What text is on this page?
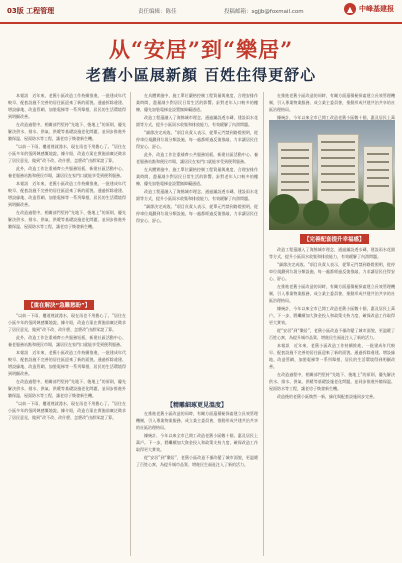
03版 工程管理	责任编辑：陈佳	投稿邮箱：sgjjb@foxmail.com	▲ 中峰基建报
从“安居”到“樂居”
老舊小區展新顏 百姓住得更舒心

本報訊　近年來，老舊小區改造工作持續推進，一批建成年代較早、配套設施不完善的居住區迎來了新的面貌。通過拆除違建、增設綠地、改造管網、加裝電梯等一系列舉措，居民的生活環境得到明顯改善。

在改造過程中，相關部門堅持“先地下、後地上”的原則，優先解決供水、排水、供氣、供暖等基礎設施老化問題，並同步推進外牆保溫、屋面防水等工程，讓老房子煥發新生機。

“以前一下雨，樓道裡就滲水，現在再也不用擔心了。”居住在小區多年的張阿姨感慨地說。據介紹，改造方案在實施前廣泛徵求了居民意見，做到“改不改、改什麼、怎麼改”由群眾說了算。

此外，改造工作注重補齊公共服務短板，新建社區活動中心、養老服務站點和便民市場，讓居民在家門口就能享受到便利服務。

本報訊　近年來，老舊小區改造工作持續推進，一批建成年代較早、配套設施不完善的居住區迎來了新的面貌。通過拆除違建、增設綠地、改造管網、加裝電梯等一系列舉措，居民的生活環境得到明顯改善。

在改造過程中，相關部門堅持“先地下、後地上”的原則，優先解決供水、排水、供氣、供暖等基礎設施老化問題，並同步推進外牆保溫、屋面防水等工程，讓老房子煥發新生機。

【重在解決“急難愁盼”】

“以前一下雨，樓道裡就滲水，現在再也不用擔心了。”居住在小區多年的張阿姨感慨地說。據介紹，改造方案在實施前廣泛徵求了居民意見，做到“改不改、改什麼、怎麼改”由群眾說了算。

此外，改造工作注重補齊公共服務短板，新建社區活動中心、養老服務站點和便民市場，讓居民在家門口就能享受到便利服務。

本報訊　近年來，老舊小區改造工作持續推進，一批建成年代較早、配套設施不完善的居住區迎來了新的面貌。通過拆除違建、增設綠地、改造管網、加裝電梯等一系列舉措，居民的生活環境得到明顯改善。

在改造過程中，相關部門堅持“先地下、後地上”的原則，優先解決供水、排水、供氣、供暖等基礎設施老化問題，並同步推進外牆保溫、屋面防水等工程，讓老房子煥發新生機。

“以前一下雨，樓道裡就滲水，現在再也不用擔心了。”居住在小區多年的張阿姨感慨地說。據介紹，改造方案在實施前廣泛徵求了居民意見，做到“改不改、改什麼、怎麼改”由群眾說了算。

在具體實施中，施工單位嚴格控制工程質量與進度，合理安排作業時間，盡量減少對居民日常生活的影響。針對老年人口較多的樓棟，優先加裝電梯並設置無障礙通道。

改造工程還融入了海綿城市理念，通過鋪設透水磚、建設雨水花園等方式，提升小區雨水收集和排放能力，有效緩解了內澇問題。

“細節決定成敗。”項目負責人表示，從單元門禁到路燈照明，從停車位規劃到垃圾分類設施，每一處都經過反復推敲，力求讓居民住得安心、舒心。

此外，改造工作注重補齊公共服務短板，新建社區活動中心、養老服務站點和便民市場，讓居民在家門口就能享受到便利服務。

在具體實施中，施工單位嚴格控制工程質量與進度，合理安排作業時間，盡量減少對居民日常生活的影響。針對老年人口較多的樓棟，優先加裝電梯並設置無障礙通道。

改造工程還融入了海綿城市理念，通過鋪設透水磚、建設雨水花園等方式，提升小區雨水收集和排放能力，有效緩解了內澇問題。

“細節決定成敗。”項目負責人表示，從單元門禁到路燈照明，從停車位規劃到垃圾分類設施，每一處都經過反復推敲，力求讓居民住得安心、舒心。

【精雕細琢更見溫度】

在推進老舊小區改造的同時，有關方面還積極探索建立長效管理機制，引入專業物業服務，成立業主委員會，推動形成共建共治共享的社區治理格局。

據統計，今年以來全市已開工改造老舊小區數十個，惠及居民上萬戶。下一步，將繼續加大資金投入和政策支持力度，確保改造工作取得更大實效。

從“安居”到“樂居”，老舊小區改造不僅改變了城市面貌，更溫暖了百姓心窩，為提升城市品質、增進民生福祉注入了新的活力。

在推進老舊小區改造的同時，有關方面還積極探索建立長效管理機制，引入專業物業服務，成立業主委員會，推動形成共建共治共享的社區治理格局。

據統計，今年以來全市已開工改造老舊小區數十個，惠及居民上萬

【完善配套提升幸福感】

改造工程還融入了海綿城市理念，通過鋪設透水磚、建設雨水花園等方式，提升小區雨水收集和排放能力，有效緩解了內澇問題。

“細節決定成敗。”項目負責人表示，從單元門禁到路燈照明，從停車位規劃到垃圾分類設施，每一處都經過反復推敲，力求讓居民住得安心、舒心。

在推進老舊小區改造的同時，有關方面還積極探索建立長效管理機制，引入專業物業服務，成立業主委員會，推動形成共建共治共享的社區治理格局。

據統計，今年以來全市已開工改造老舊小區數十個，惠及居民上萬戶。下一步，將繼續加大資金投入和政策支持力度，確保改造工作取得更大實效。

從“安居”到“樂居”，老舊小區改造不僅改變了城市面貌，更溫暖了百姓心窩，為提升城市品質、增進民生福祉注入了新的活力。

本報訊　近年來，老舊小區改造工作持續推進，一批建成年代較早、配套設施不完善的居住區迎來了新的面貌。通過拆除違建、增設綠地、改造管網、加裝電梯等一系列舉措，居民的生活環境得到明顯改善。

在改造過程中，相關部門堅持“先地下、後地上”的原則，優先解決供水、排水、供氣、供暖等基礎設施老化問題，並同步推進外牆保溫、屋面防水等工程，讓老房子煥發新生機。

改造後的老舊小區煥然一新，綠化與配套設施同步完善。
